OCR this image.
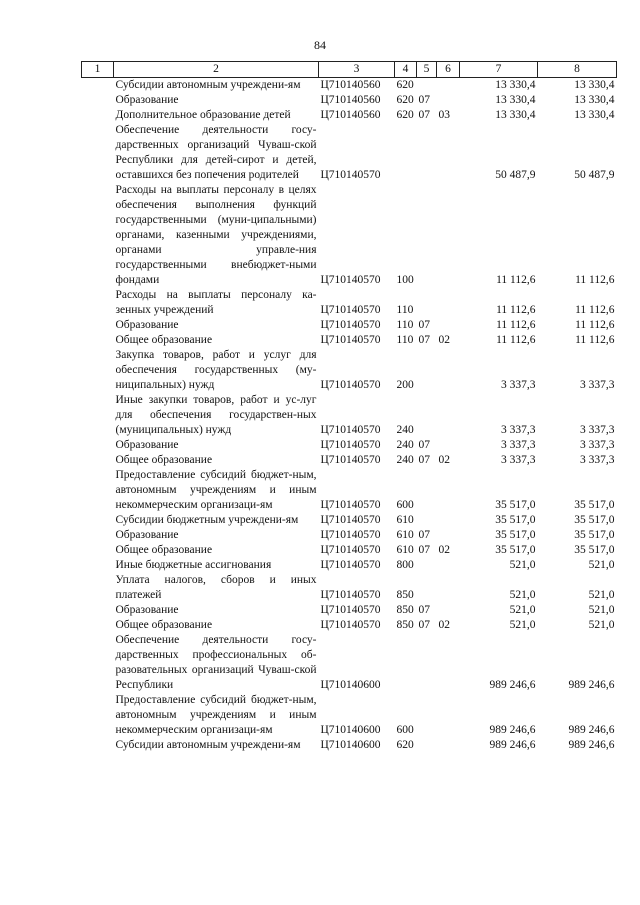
84
1	2	3	4	5	6	7	8
	Субсидии автономным учреждени-ям	Ц710140560	620			13 330,4	13 330,4
	Образование	Ц710140560	620	07		13 330,4	13 330,4
	Дополнительное образование детей	Ц710140560	620	07	03	13 330,4	13 330,4
	Обеспечение деятельности госу-дарственных организаций Чуваш-ской Республики для детей-сирот и детей, оставшихся без попечения родителей	Ц710140570				50 487,9	50 487,9
	Расходы на выплаты персоналу в целях обеспечения выполнения функций государственными (муни-ципальными) органами, казенными учреждениями, органами управле-ния государственными внебюджет-ными фондами	Ц710140570	100			11 112,6	11 112,6
	Расходы на выплаты персоналу ка-зенных учреждений	Ц710140570	110			11 112,6	11 112,6
	Образование	Ц710140570	110	07		11 112,6	11 112,6
	Общее образование	Ц710140570	110	07	02	11 112,6	11 112,6
	Закупка товаров, работ и услуг для обеспечения государственных (му-ниципальных) нужд	Ц710140570	200			3 337,3	3 337,3
	Иные закупки товаров, работ и ус-луг для обеспечения государствен-ных (муниципальных) нужд	Ц710140570	240			3 337,3	3 337,3
	Образование	Ц710140570	240	07		3 337,3	3 337,3
	Общее образование	Ц710140570	240	07	02	3 337,3	3 337,3
	Предоставление субсидий бюджет-ным, автономным учреждениям и иным некоммерческим организаци-ям	Ц710140570	600			35 517,0	35 517,0
	Субсидии бюджетным учреждени-ям	Ц710140570	610			35 517,0	35 517,0
	Образование	Ц710140570	610	07		35 517,0	35 517,0
	Общее образование	Ц710140570	610	07	02	35 517,0	35 517,0
	Иные бюджетные ассигнования	Ц710140570	800			521,0	521,0
	Уплата налогов, сборов и иных платежей	Ц710140570	850			521,0	521,0
	Образование	Ц710140570	850	07		521,0	521,0
	Общее образование	Ц710140570	850	07	02	521,0	521,0
	Обеспечение деятельности госу-дарственных профессиональных об-разовательных организаций Чуваш-ской Республики	Ц710140600				989 246,6	989 246,6
	Предоставление субсидий бюджет-ным, автономным учреждениям и иным некоммерческим организаци-ям	Ц710140600	600			989 246,6	989 246,6
	Субсидии автономным учреждени-ям	Ц710140600	620			989 246,6	989 246,6
